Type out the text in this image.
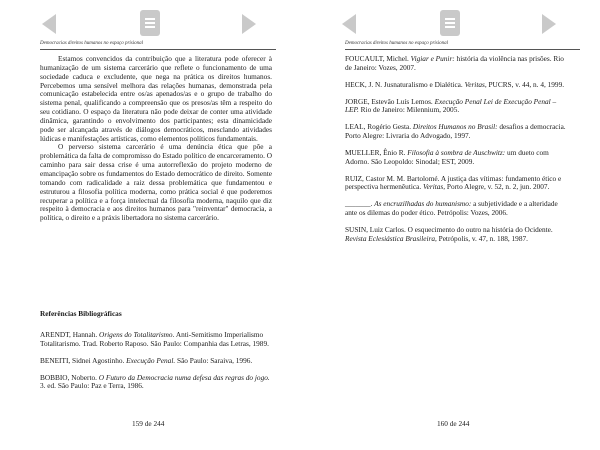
Democracias direitos humanos no espaço prisional

Estamos convencidos da contribuição que a literatura pode oferecer à humanização de um sistema carcerário que reflete o funcionamento de uma sociedade caduca e excludente, que nega na prática os direitos humanos. Percebemos uma sensível melhora das relações humanas, demonstrada pela comunicação estabelecida entre os/as apenados/as e o grupo de trabalho do sistema penal, qualificando a compreensão que os presos/as têm a respeito do seu cotidiano. O espaço da literatura não pode deixar de conter uma atividade dinâmica, garantindo o envolvimento dos participantes; esta dinamicidade pode ser alcançada através de diálogos democráticos, mesclando atividades lúdicas e manifestações artísticas, como elementos políticos fundamentais.

O perverso sistema carcerário é uma denúncia ética que põe a problemática da falta de compromisso do Estado político de encarceramento. O caminho para sair dessa crise é uma autorreflexão do projeto moderno de emancipação sobre os fundamentos do Estado democrático de direito. Somente tomando com radicalidade a raiz dessa problemática que fundamentou e estruturou a filosofia política moderna, como prática social é que poderemos recuperar a política e a força intelectual da filosofia moderna, naquilo que diz respeito à democracia e aos direitos humanos para "reinventar" democracia, a política, o direito e a práxis libertadora no sistema carcerário.

Referências Bibliográficas

ARENDT, Hannah. Origens do Totalitarismo. Anti-Semitismo Imperialismo Totalitarismo. Trad. Roberto Raposo. São Paulo: Companhia das Letras, 1989.

BENEITI, Sidnei Agostinho. Execução Penal. São Paulo: Saraiva, 1996.

BOBBIO, Noberto. O Futuro da Democracia numa defesa das regras do jogo. 3. ed. São Paulo: Paz e Terra, 1986.

159 de 244
Democracias direitos humanos no espaço prisional

FOUCAULT, Michel. Vigiar e Punir: história da violência nas prisões. Rio de Janeiro: Vozes, 2007.

HECK, J. N. Jusnaturalismo e Dialética. Veritas, PUCRS, v. 44, n. 4, 1999.

JORGE, Estevão Luís Lemos. Execução Penal Lei de Execução Penal – LEP. Rio de Janeiro: Milennium, 2005.

LEAL, Rogério Gesta. Direitos Humanos no Brasil: desafios a democracia. Porto Alegre: Livraria do Advogado, 1997.

MUELLER, Ênio R. Filosofia à sombra de Auschwitz: um dueto com Adorno. São Leopoldo: Sinodal; EST, 2009.

RUIZ, Castor M. M. Bartolomé. A justiça das vítimas: fundamento ético e perspectiva hermenêutica. Veritas, Porto Alegre, v. 52, n. 2, jun. 2007.

_______. As encruzilhadas do humanismo: a subjetividade e a alteridade ante os dilemas do poder ético. Petrópolis: Vozes, 2006.

SUSIN, Luiz Carlos. O esquecimento do outro na história do Ocidente. Revista Eclesiástica Brasileira, Petrópolis, v. 47, n. 188, 1987.

160 de 244
